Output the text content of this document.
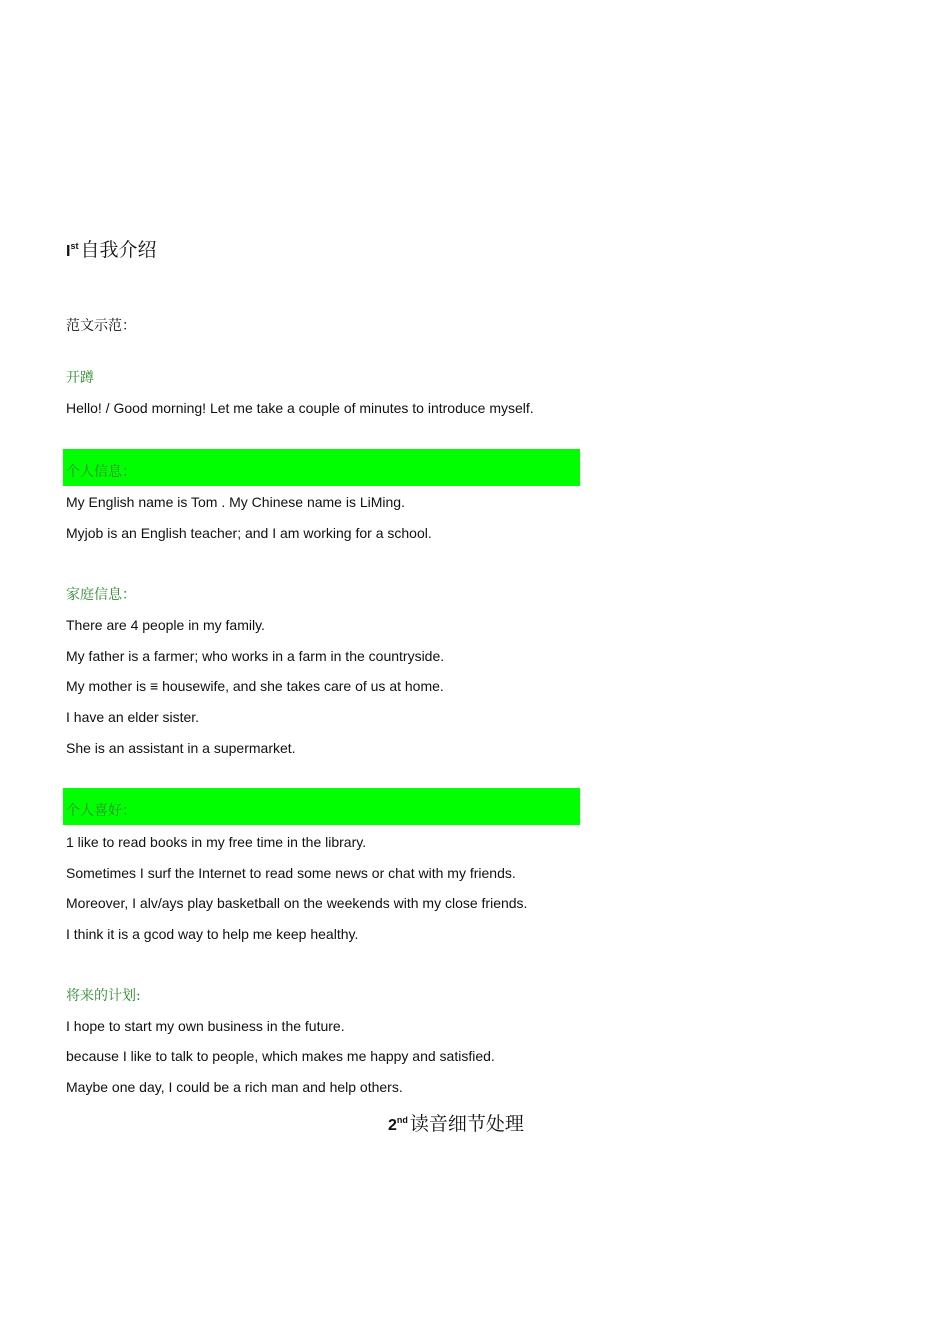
Ist 自我介绍
范文示范：
开蹲
Hello! / Good morning! Let me take a couple of minutes to introduce myself.
个人信息：
My English name is Tom . My Chinese name is LiMing.
Myjob is an English teacher; and I am working for a school.
家庭信息：
There are 4 people in my family.
My father is a farmer; who works in a farm in the countryside.
My mother is ≡ housewife, and she takes care of us at home.
I have an elder sister.
She is an assistant in a supermarket.
个人喜好：
1 like to read books in my free time in the library.
Sometimes I surf the Internet to read some news or chat with my friends.
Moreover, I alv/ays play basketball on the weekends with my close friends.
I think it is a gcod way to help me keep healthy.
将来的计划:
I hope to start my own business in the future.
because I like to talk to people, which makes me happy and satisfied.
Maybe one day, I could be a rich man and help others.
2nd 读音细节处理
